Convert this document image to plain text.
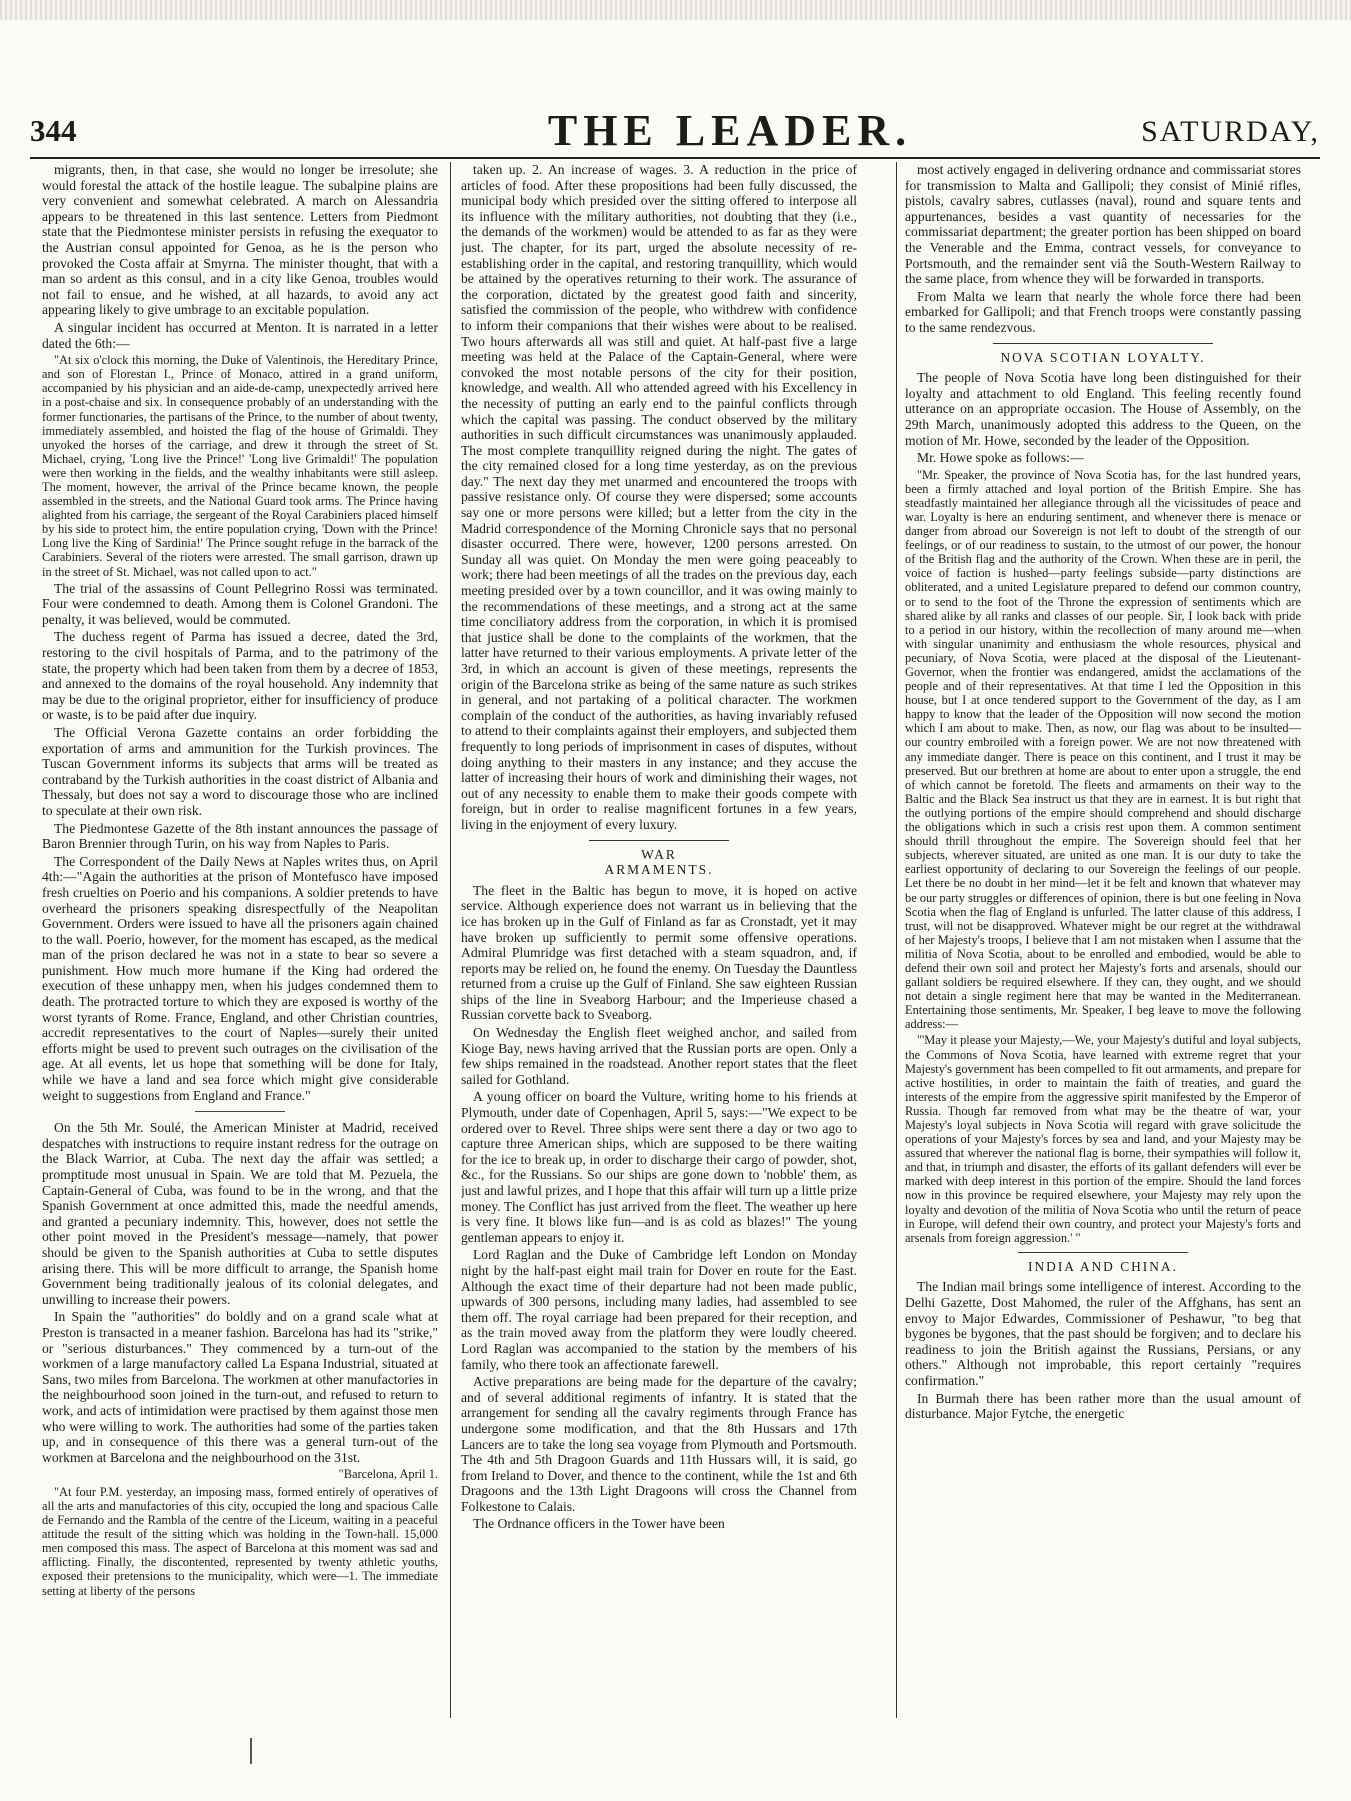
344	THE LEADER.	SATURDAY,

migrants, then, in that case, she would no longer be irresolute; she would forestal the attack of the hostile league. The subalpine plains are very convenient and somewhat celebrated. A march on Alessandria appears to be threatened in this last sentence. Letters from Piedmont state that the Piedmontese minister persists in refusing the exequator to the Austrian consul appointed for Genoa, as he is the person who provoked the Costa affair at Smyrna. The minister thought, that with a man so ardent as this consul, and in a city like Genoa, troubles would not fail to ensue, and he wished, at all hazards, to avoid any act appearing likely to give umbrage to an excitable population.

A singular incident has occurred at Menton. It is narrated in a letter dated the 6th:—

"At six o'clock this morning, the Duke of Valentinois, the Hereditary Prince, and son of Florestan I., Prince of Monaco, attired in a grand uniform, accompanied by his physician and an aide-de-camp, unexpectedly arrived here in a post-chaise and six. In consequence probably of an understanding with the former functionaries, the partisans of the Prince, to the number of about twenty, immediately assembled, and hoisted the flag of the house of Grimaldi. They unyoked the horses of the carriage, and drew it through the street of St. Michael, crying, 'Long live the Prince!' 'Long live Grimaldi!' The population were then working in the fields, and the wealthy inhabitants were still asleep. The moment, however, the arrival of the Prince became known, the people assembled in the streets, and the National Guard took arms. The Prince having alighted from his carriage, the sergeant of the Royal Carabiniers placed himself by his side to protect him, the entire population crying, 'Down with the Prince! Long live the King of Sardinia!' The Prince sought refuge in the barrack of the Carabiniers. Several of the rioters were arrested. The small garrison, drawn up in the street of St. Michael, was not called upon to act."

The trial of the assassins of Count Pellegrino Rossi was terminated. Four were condemned to death. Among them is Colonel Grandoni. The penalty, it was believed, would be commuted.

The duchess regent of Parma has issued a decree, dated the 3rd, restoring to the civil hospitals of Parma, and to the patrimony of the state, the property which had been taken from them by a decree of 1853, and annexed to the domains of the royal household. Any indemnity that may be due to the original proprietor, either for insufficiency of produce or waste, is to be paid after due inquiry.

The Official Verona Gazette contains an order forbidding the exportation of arms and ammunition for the Turkish provinces. The Tuscan Government informs its subjects that arms will be treated as contraband by the Turkish authorities in the coast district of Albania and Thessaly, but does not say a word to discourage those who are inclined to speculate at their own risk.

The Piedmontese Gazette of the 8th instant announces the passage of Baron Brennier through Turin, on his way from Naples to Paris.

The Correspondent of the Daily News at Naples writes thus, on April 4th:—"Again the authorities at the prison of Montefusco have imposed fresh cruelties on Poerio and his companions. A soldier pretends to have overheard the prisoners speaking disrespectfully of the Neapolitan Government. Orders were issued to have all the prisoners again chained to the wall. Poerio, however, for the moment has escaped, as the medical man of the prison declared he was not in a state to bear so severe a punishment. How much more humane if the King had ordered the execution of these unhappy men, when his judges condemned them to death. The protracted torture to which they are exposed is worthy of the worst tyrants of Rome. France, England, and other Christian countries, accredit representatives to the court of Naples—surely their united efforts might be used to prevent such outrages on the civilisation of the age. At all events, let us hope that something will be done for Italy, while we have a land and sea force which might give considerable weight to suggestions from England and France."

On the 5th Mr. Soulé, the American Minister at Madrid, received despatches with instructions to require instant redress for the outrage on the Black Warrior, at Cuba. The next day the affair was settled; a promptitude most unusual in Spain. We are told that M. Pezuela, the Captain-General of Cuba, was found to be in the wrong, and that the Spanish Government at once admitted this, made the needful amends, and granted a pecuniary indemnity. This, however, does not settle the other point moved in the President's message—namely, that power should be given to the Spanish authorities at Cuba to settle disputes arising there. This will be more difficult to arrange, the Spanish home Government being traditionally jealous of its colonial delegates, and unwilling to increase their powers.

In Spain the "authorities" do boldly and on a grand scale what at Preston is transacted in a meaner fashion. Barcelona has had its "strike," or "serious disturbances." They commenced by a turn-out of the workmen of a large manufactory called La Espana Industrial, situated at Sans, two miles from Barcelona. The workmen at other manufactories in the neighbourhood soon joined in the turn-out, and refused to return to work, and acts of intimidation were practised by them against those men who were willing to work. The authorities had some of the parties taken up, and in consequence of this there was a general turn-out of the workmen at Barcelona and the neighbourhood on the 31st.

"Barcelona, April 1.

"At four P.M. yesterday, an imposing mass, formed entirely of operatives of all the arts and manufactories of this city, occupied the long and spacious Calle de Fernando and the Rambla of the centre of the Liceum, waiting in a peaceful attitude the result of the sitting which was holding in the Town-hall. 15,000 men composed this mass. The aspect of Barcelona at this moment was sad and afflicting. Finally, the discontented, represented by twenty athletic youths, exposed their pretensions to the municipality, which were—1. The immediate setting at liberty of the persons

taken up. 2. An increase of wages. 3. A reduction in the price of articles of food. After these propositions had been fully discussed, the municipal body which presided over the sitting offered to interpose all its influence with the military authorities, not doubting that they (i.e., the demands of the workmen) would be attended to as far as they were just. The chapter, for its part, urged the absolute necessity of re-establishing order in the capital, and restoring tranquillity, which would be attained by the operatives returning to their work. The assurance of the corporation, dictated by the greatest good faith and sincerity, satisfied the commission of the people, who withdrew with confidence to inform their companions that their wishes were about to be realised. Two hours afterwards all was still and quiet. At half-past five a large meeting was held at the Palace of the Captain-General, where were convoked the most notable persons of the city for their position, knowledge, and wealth. All who attended agreed with his Excellency in the necessity of putting an early end to the painful conflicts through which the capital was passing. The conduct observed by the military authorities in such difficult circumstances was unanimously applauded. The most complete tranquillity reigned during the night. The gates of the city remained closed for a long time yesterday, as on the previous day." The next day they met unarmed and encountered the troops with passive resistance only. Of course they were dispersed; some accounts say one or more persons were killed; but a letter from the city in the Madrid correspondence of the Morning Chronicle says that no personal disaster occurred. There were, however, 1200 persons arrested. On Sunday all was quiet. On Monday the men were going peaceably to work; there had been meetings of all the trades on the previous day, each meeting presided over by a town councillor, and it was owing mainly to the recommendations of these meetings, and a strong act at the same time conciliatory address from the corporation, in which it is promised that justice shall be done to the complaints of the workmen, that the latter have returned to their various employments. A private letter of the 3rd, in which an account is given of these meetings, represents the origin of the Barcelona strike as being of the same nature as such strikes in general, and not partaking of a political character. The workmen complain of the conduct of the authorities, as having invariably refused to attend to their complaints against their employers, and subjected them frequently to long periods of imprisonment in cases of disputes, without doing anything to their masters in any instance; and they accuse the latter of increasing their hours of work and diminishing their wages, not out of any necessity to enable them to make their goods compete with foreign, but in order to realise magnificent fortunes in a few years, living in the enjoyment of every luxury.

WAR ARMAMENTS.

The fleet in the Baltic has begun to move, it is hoped on active service. Although experience does not warrant us in believing that the ice has broken up in the Gulf of Finland as far as Cronstadt, yet it may have broken up sufficiently to permit some offensive operations. Admiral Plumridge was first detached with a steam squadron, and, if reports may be relied on, he found the enemy. On Tuesday the Dauntless returned from a cruise up the Gulf of Finland. She saw eighteen Russian ships of the line in Sveaborg Harbour; and the Imperieuse chased a Russian corvette back to Sveaborg.

On Wednesday the English fleet weighed anchor, and sailed from Kioge Bay, news having arrived that the Russian ports are open. Only a few ships remained in the roadstead. Another report states that the fleet sailed for Gothland.

A young officer on board the Vulture, writing home to his friends at Plymouth, under date of Copenhagen, April 5, says:—"We expect to be ordered over to Revel. Three ships were sent there a day or two ago to capture three American ships, which are supposed to be there waiting for the ice to break up, in order to discharge their cargo of powder, shot, &c., for the Russians. So our ships are gone down to 'nobble' them, as just and lawful prizes, and I hope that this affair will turn up a little prize money. The Conflict has just arrived from the fleet. The weather up here is very fine. It blows like fun—and is as cold as blazes!" The young gentleman appears to enjoy it.

Lord Raglan and the Duke of Cambridge left London on Monday night by the half-past eight mail train for Dover en route for the East. Although the exact time of their departure had not been made public, upwards of 300 persons, including many ladies, had assembled to see them off. The royal carriage had been prepared for their reception, and as the train moved away from the platform they were loudly cheered. Lord Raglan was accompanied to the station by the members of his family, who there took an affectionate farewell.

Active preparations are being made for the departure of the cavalry; and of several additional regiments of infantry. It is stated that the arrangement for sending all the cavalry regiments through France has undergone some modification, and that the 8th Hussars and 17th Lancers are to take the long sea voyage from Plymouth and Portsmouth. The 4th and 5th Dragoon Guards and 11th Hussars will, it is said, go from Ireland to Dover, and thence to the continent, while the 1st and 6th Dragoons and the 13th Light Dragoons will cross the Channel from Folkestone to Calais.

The Ordnance officers in the Tower have been

most actively engaged in delivering ordnance and commissariat stores for transmission to Malta and Gallipoli; they consist of Minié rifles, pistols, cavalry sabres, cutlasses (naval), round and square tents and appurtenances, besides a vast quantity of necessaries for the commissariat department; the greater portion has been shipped on board the Venerable and the Emma, contract vessels, for conveyance to Portsmouth, and the remainder sent viâ the South-Western Railway to the same place, from whence they will be forwarded in transports.

From Malta we learn that nearly the whole force there had been embarked for Gallipoli; and that French troops were constantly passing to the same rendezvous.

NOVA SCOTIAN LOYALTY.

The people of Nova Scotia have long been distinguished for their loyalty and attachment to old England. This feeling recently found utterance on an appropriate occasion. The House of Assembly, on the 29th March, unanimously adopted this address to the Queen, on the motion of Mr. Howe, seconded by the leader of the Opposition.

Mr. Howe spoke as follows:—

"Mr. Speaker, the province of Nova Scotia has, for the last hundred years, been a firmly attached and loyal portion of the British Empire. She has steadfastly maintained her allegiance through all the vicissitudes of peace and war. Loyalty is here an enduring sentiment, and whenever there is menace or danger from abroad our Sovereign is not left to doubt of the strength of our feelings, or of our readiness to sustain, to the utmost of our power, the honour of the British flag and the authority of the Crown. When these are in peril, the voice of faction is hushed—party feelings subside—party distinctions are obliterated, and a united Legislature prepared to defend our common country, or to send to the foot of the Throne the expression of sentiments which are shared alike by all ranks and classes of our people. Sir, I look back with pride to a period in our history, within the recollection of many around me—when with singular unanimity and enthusiasm the whole resources, physical and pecuniary, of Nova Scotia, were placed at the disposal of the Lieutenant-Governor, when the frontier was endangered, amidst the acclamations of the people and of their representatives. At that time I led the Opposition in this house, but I at once tendered support to the Government of the day, as I am happy to know that the leader of the Opposition will now second the motion which I am about to make. Then, as now, our flag was about to be insulted—our country embroiled with a foreign power. We are not now threatened with any immediate danger. There is peace on this continent, and I trust it may be preserved. But our brethren at home are about to enter upon a struggle, the end of which cannot be foretold. The fleets and armaments on their way to the Baltic and the Black Sea instruct us that they are in earnest. It is but right that the outlying portions of the empire should comprehend and should discharge the obligations which in such a crisis rest upon them. A common sentiment should thrill throughout the empire. The Sovereign should feel that her subjects, wherever situated, are united as one man. It is our duty to take the earliest opportunity of declaring to our Sovereign the feelings of our people. Let there be no doubt in her mind—let it be felt and known that whatever may be our party struggles or differences of opinion, there is but one feeling in Nova Scotia when the flag of England is unfurled. The latter clause of this address, I trust, will not be disapproved. Whatever might be our regret at the withdrawal of her Majesty's troops, I believe that I am not mistaken when I assume that the militia of Nova Scotia, about to be enrolled and embodied, would be able to defend their own soil and protect her Majesty's forts and arsenals, should our gallant soldiers be required elsewhere. If they can, they ought, and we should not detain a single regiment here that may be wanted in the Mediterranean. Entertaining those sentiments, Mr. Speaker, I beg leave to move the following address:—

"'May it please your Majesty,—We, your Majesty's dutiful and loyal subjects, the Commons of Nova Scotia, have learned with extreme regret that your Majesty's government has been compelled to fit out armaments, and prepare for active hostilities, in order to maintain the faith of treaties, and guard the interests of the empire from the aggressive spirit manifested by the Emperor of Russia. Though far removed from what may be the theatre of war, your Majesty's loyal subjects in Nova Scotia will regard with grave solicitude the operations of your Majesty's forces by sea and land, and your Majesty may be assured that wherever the national flag is borne, their sympathies will follow it, and that, in triumph and disaster, the efforts of its gallant defenders will ever be marked with deep interest in this portion of the empire. Should the land forces now in this province be required elsewhere, your Majesty may rely upon the loyalty and devotion of the militia of Nova Scotia who until the return of peace in Europe, will defend their own country, and protect your Majesty's forts and arsenals from foreign aggression.' "

INDIA AND CHINA.

The Indian mail brings some intelligence of interest. According to the Delhi Gazette, Dost Mahomed, the ruler of the Affghans, has sent an envoy to Major Edwardes, Commissioner of Peshawur, "to beg that bygones be bygones, that the past should be forgiven; and to declare his readiness to join the British against the Russians, Persians, or any others." Although not improbable, this report certainly "requires confirmation."

In Burmah there has been rather more than the usual amount of disturbance. Major Fytche, the energetic
